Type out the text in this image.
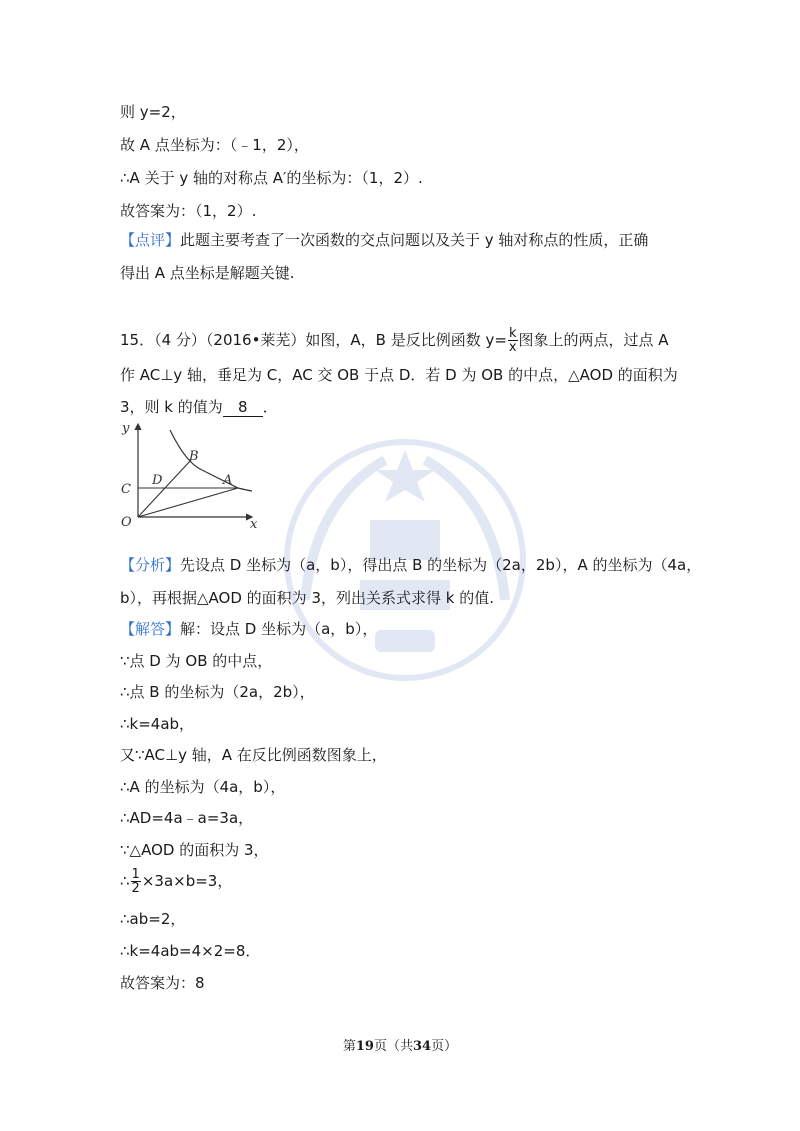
则 y=2，
故 A 点坐标为：（﹣1，2），
∴A 关于 y 轴的对称点 A′的坐标为：（1，2）.
故答案为：（1，2）.
【点评】此题主要考查了一次函数的交点问题以及关于 y 轴对称点的性质，正确
得出 A 点坐标是解题关键.
15．（4 分）（2016•莱芜）如图，A，B 是反比例函数 $y= \frac{k}{x}$ 图象上的两点，过点 A
作 AC⊥y 轴，垂足为 C，AC 交 OB 于点 D．若 D 为 OB 的中点，△AOD 的面积为
3，则 k 的值为 8 ．
y
x
O
C
D
B
A
【分析】先设点 D 坐标为（a，b），得出点 B 的坐标为（2a，2b），A 的坐标为（4a，
b），再根据△AOD 的面积为 3，列出关系式求得 k 的值.
【解答】解：设点 D 坐标为（a，b），
∵点 D 为 OB 的中点，
∴点 B 的坐标为（2a，2b），
∴k=4ab，
又∵AC⊥y 轴，A 在反比例函数图象上，
∴A 的坐标为（4a，b），
∴AD=4a﹣a=3a，
∵△AOD 的面积为 3，
∴ $\frac{1}{2} \times 3a\times b=3$，
∴ab=2，
∴k=4ab=4×2=8．
故答案为：8
第19页（共34页）
